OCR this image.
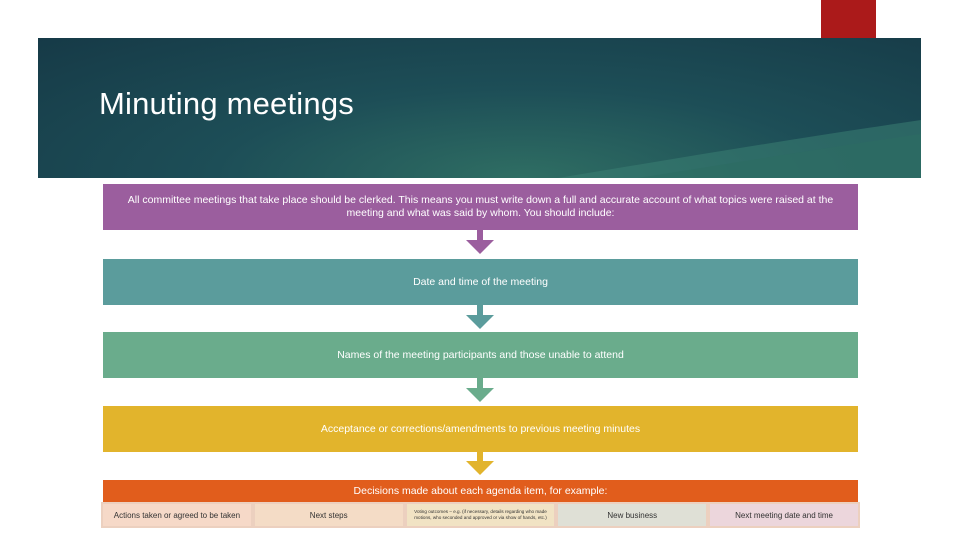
Minuting meetings
All committee meetings that take place should be clerked. This means you must write down a full and accurate account of what topics were raised at the meeting and what was said by whom. You should include:
Date and time of the meeting
Names of the meeting participants and those unable to attend
Acceptance or corrections/amendments to previous meeting minutes
Decisions made about each agenda item, for example:
Actions taken or agreed to be taken	Next steps	Voting outcomes – e.g. (if necessary, details regarding who made motions, who seconded and approved or via show of hands, etc.)	New business	Next meeting date and time
